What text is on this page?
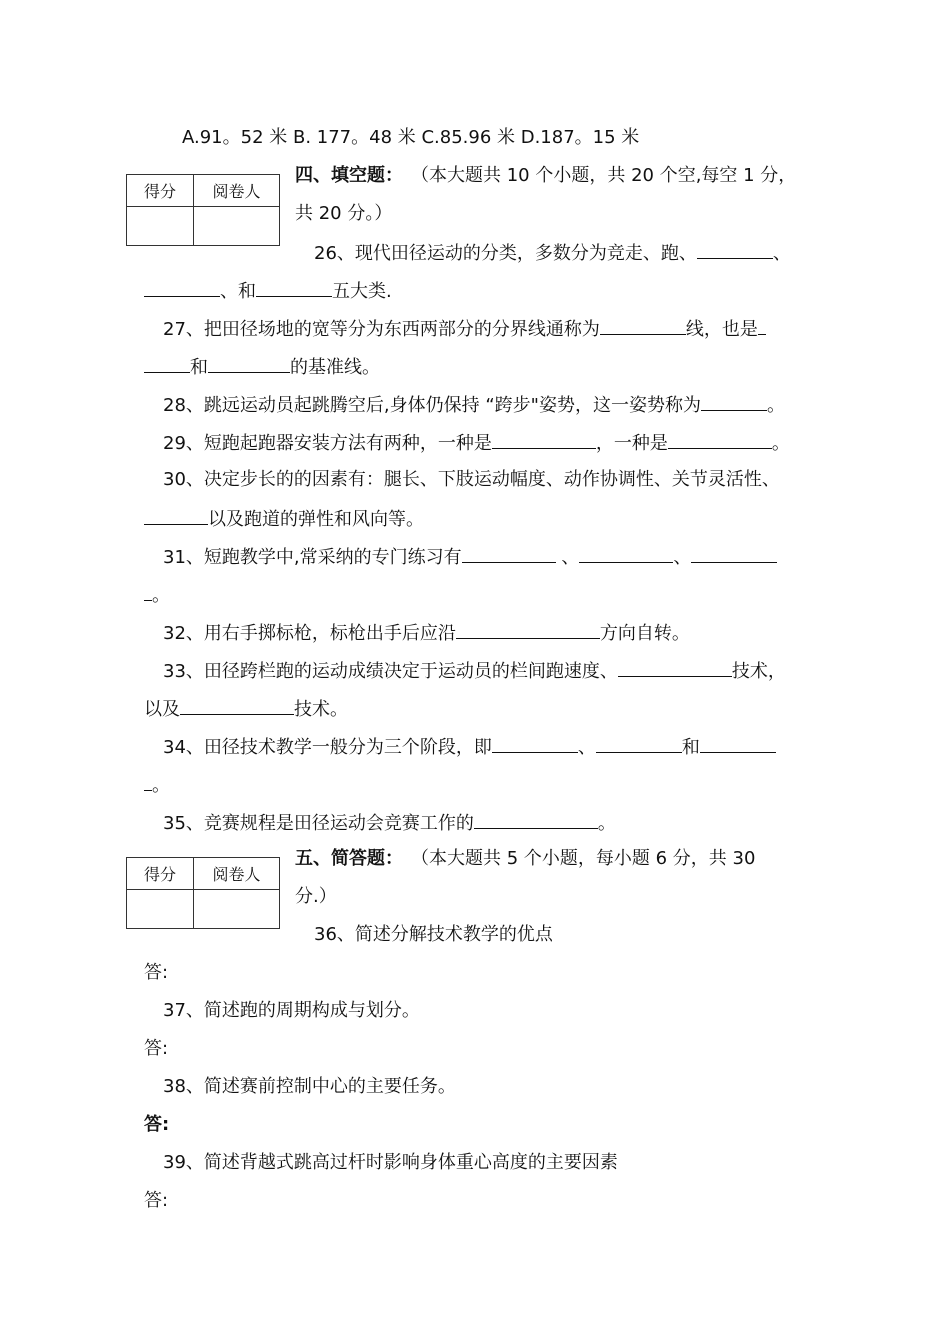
A.91。52 米 B. 177。48 米 C.85.96 米 D.187。15 米
得分	阅卷人

四、填空题： （本大题共 10 个小题，共 20 个空,每空 1 分，
共 20 分。）
26、现代田径运动的分类，多数分为竞走、跑、	、
、和	五大类.
27、把田径场地的宽等分为东西两部分的分界线通称为	线，也是
和	的基准线。
28、跳远运动员起跳腾空后,身体仍保持 “跨步"姿势，这一姿势称为	。
29、短跑起跑器安装方法有两种，一种是	，一种是	。
30、决定步长的的因素有：腿长、下肢运动幅度、动作协调性、关节灵活性、
以及跑道的弹性和风向等。
31、短跑教学中,常采纳的专门练习有	、	、
。
32、用右手掷标枪，标枪出手后应沿	方向自转。
33、田径跨栏跑的运动成绩决定于运动员的栏间跑速度、	技术，
以及	技术。
34、田径技术教学一般分为三个阶段，即	、	和
。
35、竞赛规程是田径运动会竞赛工作的	。
得分	阅卷人

五、简答题： （本大题共 5 个小题，每小题 6 分，共 30
分.）
36、简述分解技术教学的优点
答:
37、简述跑的周期构成与划分。
答:
38、简述赛前控制中心的主要任务。
答:
39、简述背越式跳高过杆时影响身体重心高度的主要因素
答:
